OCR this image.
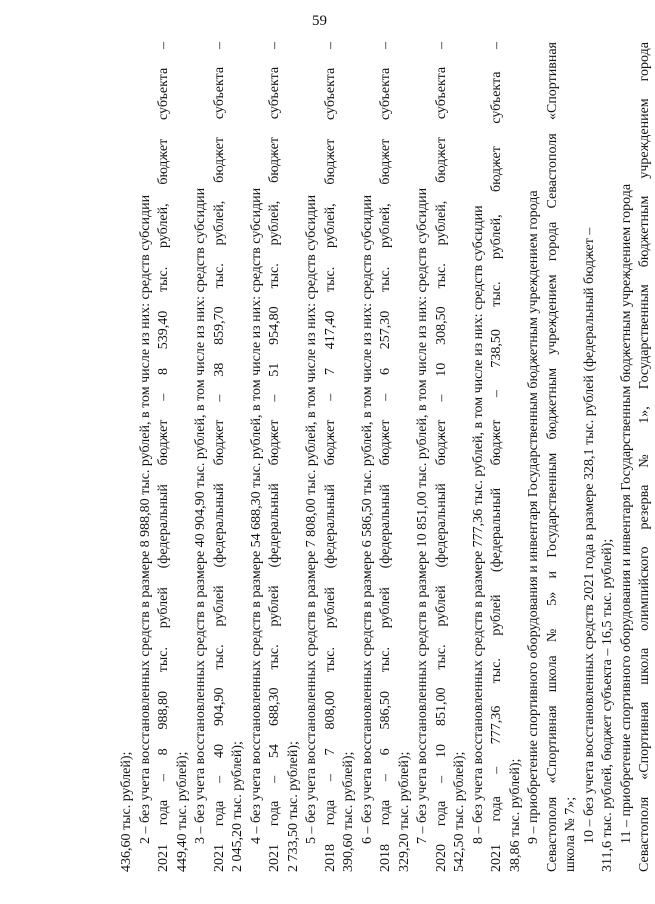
59
436,60 тыс. рублей); 2 – без учета восстановленных средств в размере 8 988,80 тыс. рублей, в том числе из них: средств субсидии 2021 года – 8 988,80 тыс. рублей (федеральный бюджет – 8 539,40 тыс. рублей, бюджет субъекта – 449,40 тыс. рублей); 3 – без учета восстановленных средств в размере 40 904,90 тыс. рублей, в том числе из них: средств субсидии 2021 года – 40 904,90 тыс. рублей (федеральный бюджет – 38 859,70 тыс. рублей, бюджет субъекта – 2 045,20 тыс. рублей); 4 – без учета восстановленных средств в размере 54 688,30 тыс. рублей, в том числе из них: средств субсидии 2021 года – 54 688,30 тыс. рублей (федеральный бюджет – 51 954,80 тыс. рублей, бюджет субъекта – 2 733,50 тыс. рублей); 5 – без учета восстановленных средств в размере 7 808,00 тыс. рублей, в том числе из них: средств субсидии 2018 года – 7 808,00 тыс. рублей (федеральный бюджет – 7 417,40 тыс. рублей, бюджет субъекта – 390,60 тыс. рублей); 6 – без учета восстановленных средств в размере 6 586,50 тыс. рублей, в том числе из них: средств субсидии 2018 года – 6 586,50 тыс. рублей (федеральный бюджет – 6 257,30 тыс. рублей, бюджет субъекта – 329,20 тыс. рублей); 7 – без учета восстановленных средств в размере 10 851,00 тыс. рублей, в том числе из них: средств субсидии 2020 года – 10 851,00 тыс. рублей (федеральный бюджет – 10 308,50 тыс. рублей, бюджет субъекта – 542,50 тыс. рублей); 8 – без учета восстановленных средств в размере 777,36 тыс. рублей, в том числе из них: средств субсидии 2021 года – 777,36 тыс. рублей (федеральный бюджет – 738,50 тыс. рублей, бюджет субъекта – 38,86 тыс. рублей); 9 – приобретение спортивного оборудования и инвентаря Государственным бюджетным учреждением города Севастополя «Спортивная школа № 5» и Государственным бюджетным учреждением города Севастополя «Спортивная школа № 7»; 10 – без учета восстановленных средств 2021 года в размере 328,1 тыс. рублей (федеральный бюджет – 311,6 тыс. рублей, бюджет субъекта – 16,5 тыс. рублей); 11 – приобретение спортивного оборудования и инвентаря Государственным бюджетным учреждением города Севастополя «Спортивная школа олимпийского резерва № 1», Государственным бюджетным учреждением города
